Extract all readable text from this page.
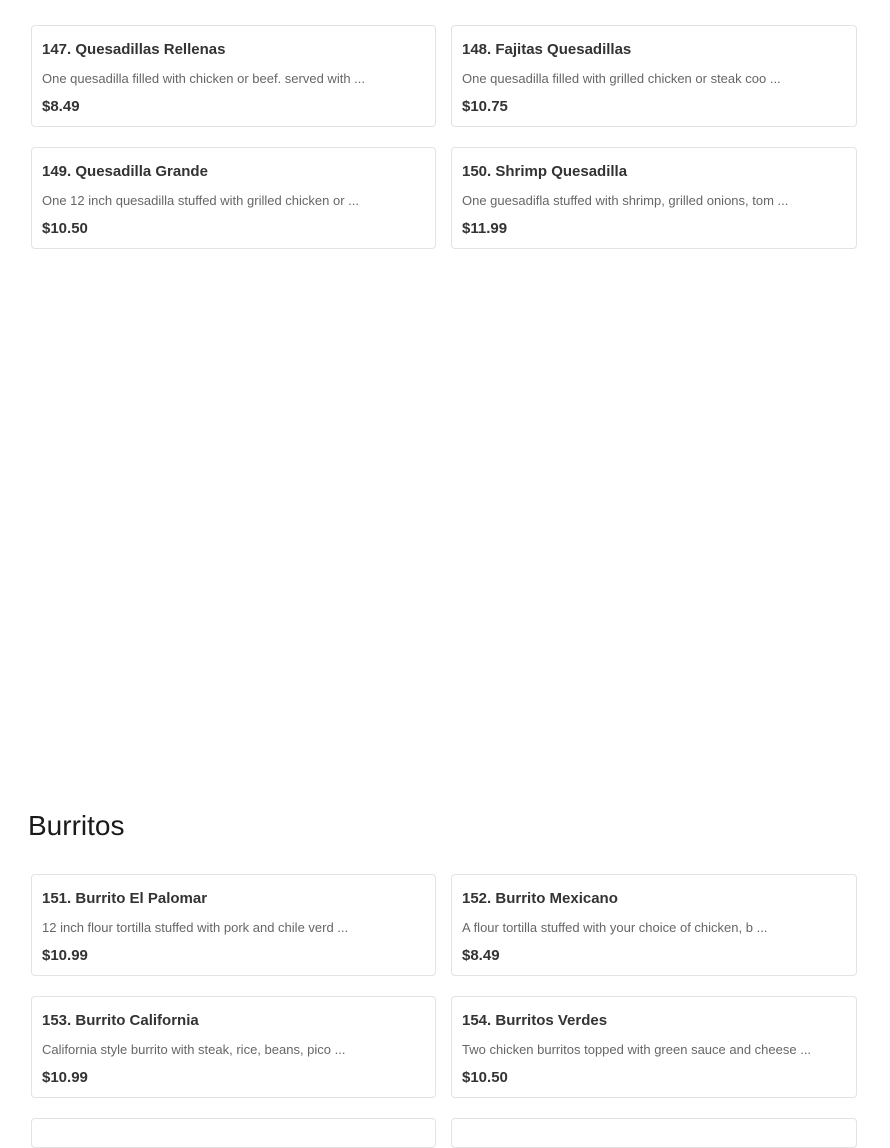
147. Quesadillas Rellenas
One quesadilla filled with chicken or beef. served with ...
$8.49
148. Fajitas Quesadillas
One quesadilla filled with grilled chicken or steak coo ...
$10.75
149. Quesadilla Grande
One 12 inch quesadilla stuffed with grilled chicken or ...
$10.50
150. Shrimp Quesadilla
One guesadifla stuffed with shrimp, grilled onions, tom ...
$11.99
Burritos
151. Burrito El Palomar
12 inch flour tortilla stuffed with pork and chile verd ...
$10.99
152. Burrito Mexicano
A flour tortilla stuffed with your choice of chicken, b ...
$8.49
153. Burrito California
California style burrito with steak, rice, beans, pico ...
$10.99
154. Burritos Verdes
Two chicken burritos topped with green sauce and cheese ...
$10.50
